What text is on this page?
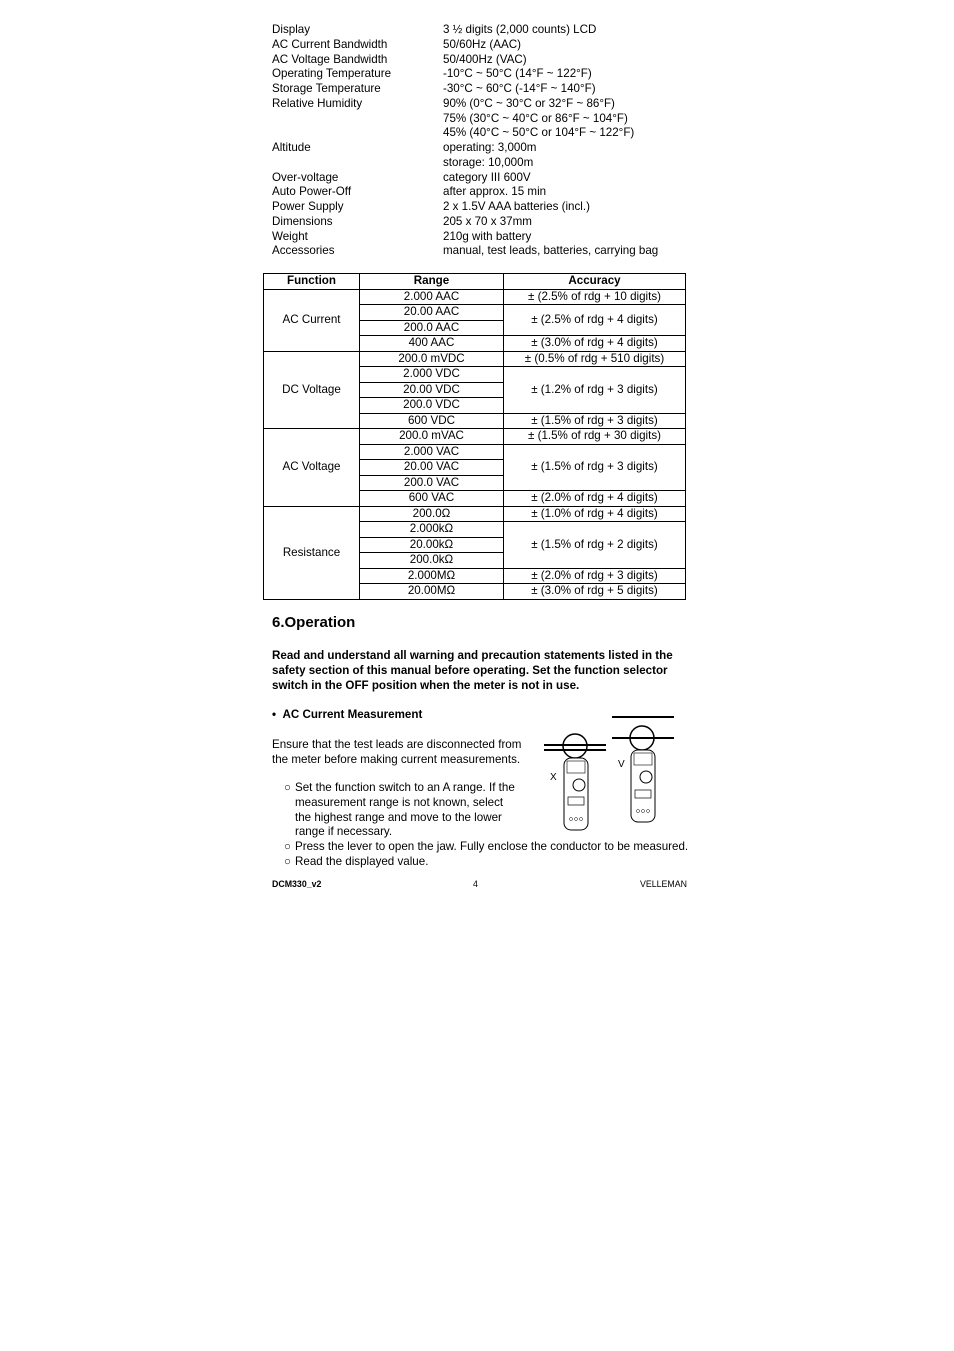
Display	3 ½ digits (2,000 counts) LCD
AC Current Bandwidth	50/60Hz (AAC)
AC Voltage Bandwidth	50/400Hz (VAC)
Operating Temperature	-10°C ~ 50°C (14°F ~ 122°F)
Storage Temperature	-30°C ~ 60°C (-14°F ~ 140°F)
Relative Humidity	90% (0°C ~ 30°C or 32°F ~ 86°F)
75% (30°C ~ 40°C or 86°F ~ 104°F)
45% (40°C ~ 50°C or 104°F ~ 122°F)
Altitude	operating: 3,000m
storage: 10,000m
Over-voltage	category III 600V
Auto Power-Off	after approx. 15 min
Power Supply	2 x 1.5V AAA batteries (incl.)
Dimensions	205 x 70 x 37mm
Weight	210g with battery
Accessories	manual, test leads, batteries, carrying bag
Function	Range	Accuracy
AC Current	2.000 AAC	± (2.5% of rdg + 10 digits)
	20.00 AAC	± (2.5% of rdg + 4 digits)
	200.0 AAC	
	400 AAC	± (3.0% of rdg + 4 digits)
DC Voltage	200.0 mVDC	± (0.5% of rdg + 510 digits)
	2.000 VDC	± (1.2% of rdg + 3 digits)
	20.00 VDC	
	200.0 VDC	
	600 VDC	± (1.5% of rdg + 3 digits)
AC Voltage	200.0 mVAC	± (1.5% of rdg + 30 digits)
	2.000 VAC	± (1.5% of rdg + 3 digits)
	20.00 VAC	
	200.0 VAC	
	600 VAC	± (2.0% of rdg + 4 digits)
Resistance	200.0Ω	± (1.0% of rdg + 4 digits)
	2.000kΩ	± (1.5% of rdg + 2 digits)
	20.00kΩ	
	200.0kΩ	
	2.000MΩ	± (2.0% of rdg + 3 digits)
	20.00MΩ	± (3.0% of rdg + 5 digits)
6.Operation
Read and understand all warning and precaution statements listed in the safety section of this manual before operating. Set the function selector switch in the OFF position when the meter is not in use.
•  AC Current Measurement
Ensure that the test leads are disconnected from the meter before making current measurements.
○ Set the function switch to an A range. If the measurement range is not known, select the highest range and move to the lower range if necessary.
○ Press the lever to open the jaw. Fully enclose the conductor to be measured.
○ Read the displayed value.
X
V
DCM330_v2	4	VELLEMAN
